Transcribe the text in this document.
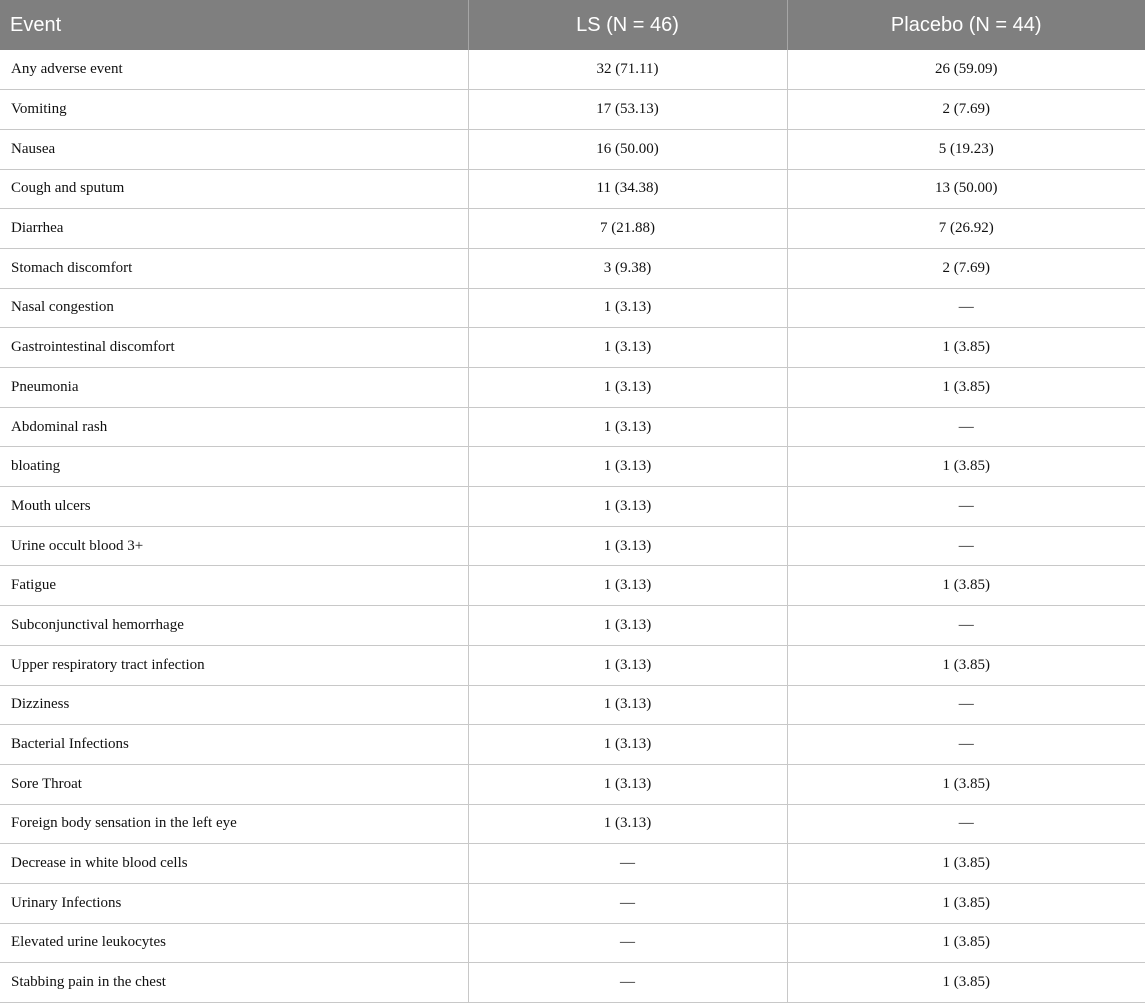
Event	LS (N = 46)	Placebo (N = 44)
Any adverse event	32 (71.11)	26 (59.09)
Vomiting	17 (53.13)	2 (7.69)
Nausea	16 (50.00)	5 (19.23)
Cough and sputum	11 (34.38)	13 (50.00)
Diarrhea	7 (21.88)	7 (26.92)
Stomach discomfort	3 (9.38)	2 (7.69)
Nasal congestion	1 (3.13)	—
Gastrointestinal discomfort	1 (3.13)	1 (3.85)
Pneumonia	1 (3.13)	1 (3.85)
Abdominal rash	1 (3.13)	—
bloating	1 (3.13)	1 (3.85)
Mouth ulcers	1 (3.13)	—
Urine occult blood 3+	1 (3.13)	—
Fatigue	1 (3.13)	1 (3.85)
Subconjunctival hemorrhage	1 (3.13)	—
Upper respiratory tract infection	1 (3.13)	1 (3.85)
Dizziness	1 (3.13)	—
Bacterial Infections	1 (3.13)	—
Sore Throat	1 (3.13)	1 (3.85)
Foreign body sensation in the left eye	1 (3.13)	—
Decrease in white blood cells	—	1 (3.85)
Urinary Infections	—	1 (3.85)
Elevated urine leukocytes	—	1 (3.85)
Stabbing pain in the chest	—	1 (3.85)
